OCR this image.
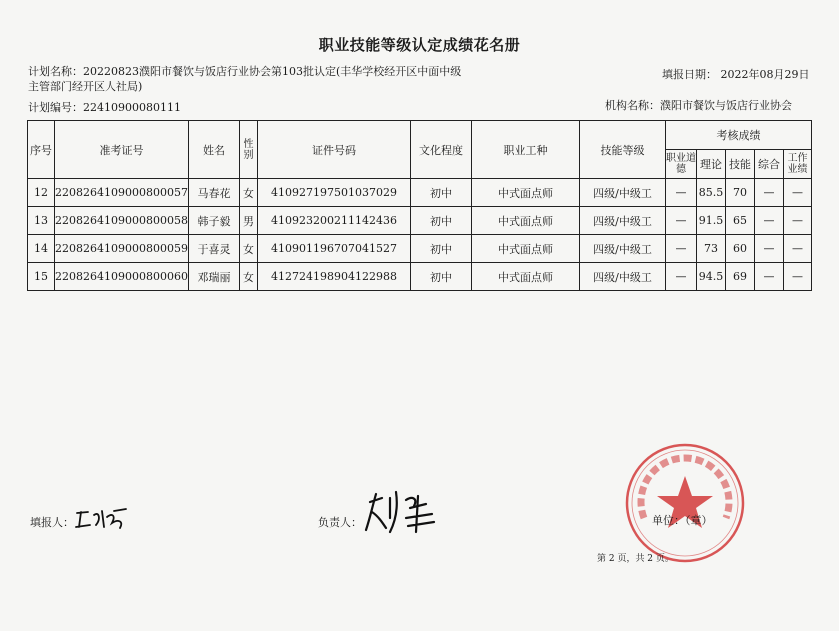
职业技能等级认定成绩花名册
计划名称：20220823濮阳市餐饮与饭店行业协会第103批认定(丰华学校经开区中面中级主管部门经开区人社局)
填报日期： 2022年08月29日
计划编号：22410900080111	机构名称：濮阳市餐饮与饭店行业协会
序号	准考证号	姓名	性别	证件号码	文化程度	职业工种	技能等级	考核成绩				
								职业道德	理论	技能	综合	工作业绩
12	2208264109000800057	马春花	女	410927197501037029	初中	中式面点师	四级/中级工	—	85.5	70	—	—
13	2208264109000800058	韩子毅	男	410923200211142436	初中	中式面点师	四级/中级工	—	91.5	65	—	—
14	2208264109000800059	于喜灵	女	410901196707041527	初中	中式面点师	四级/中级工	—	73	60	—	—
15	2208264109000800060	邓瑞丽	女	412724198904122988	初中	中式面点师	四级/中级工	—	94.5	69	—	—
填报人：	负责人：	单位：（章）
第 2 页，共 2 页。
